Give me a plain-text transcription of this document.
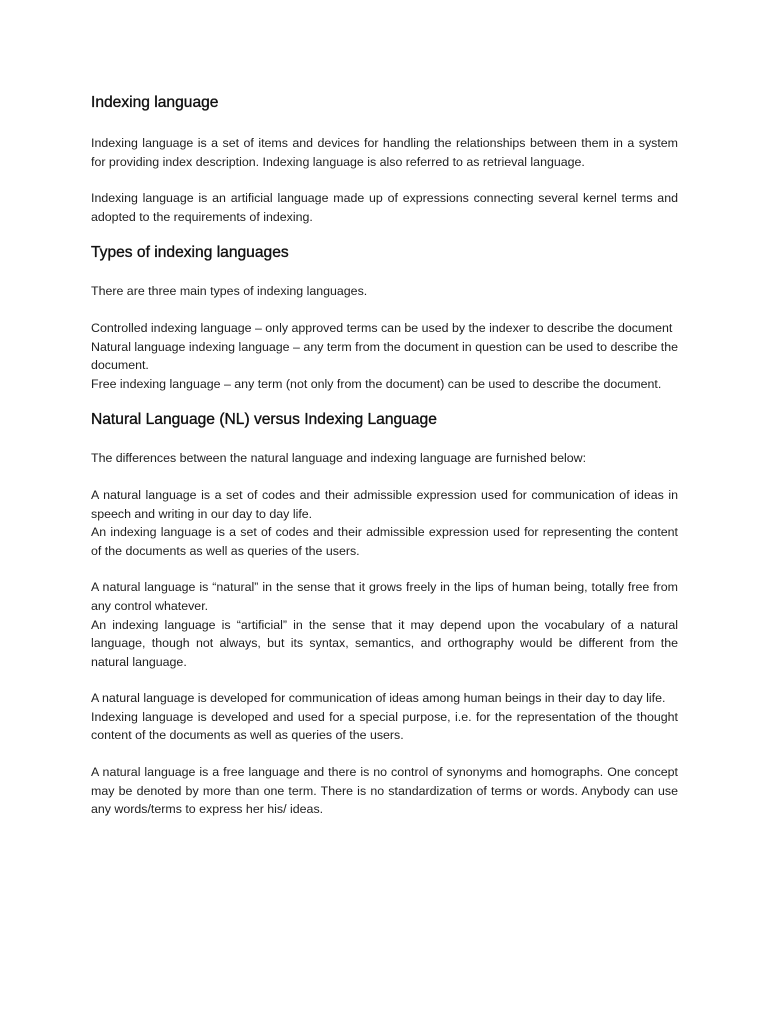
Indexing language

Indexing language is a set of items and devices for handling the relationships between them in a system for providing index description. Indexing language is also referred to as retrieval language.

Indexing language is an artificial language made up of expressions connecting several kernel terms and adopted to the requirements of indexing.

Types of indexing languages

There are three main types of indexing languages.

Controlled indexing language – only approved terms can be used by the indexer to describe the document

Natural language indexing language – any term from the document in question can be used to describe the document.

Free indexing language – any term (not only from the document) can be used to describe the document.

Natural Language (NL) versus Indexing Language

The differences between the natural language and indexing language are furnished below:

A natural language is a set of codes and their admissible expression used for communication of ideas in speech and writing in our day to day life.

An indexing language is a set of codes and their admissible expression used for representing the content of the documents as well as queries of the users.

A natural language is “natural” in the sense that it grows freely in the lips of human being, totally free from any control whatever.

An indexing language is “artificial” in the sense that it may depend upon the vocabulary of a natural language, though not always, but its syntax, semantics, and orthography would be different from the natural language.

A natural language is developed for communication of ideas among human beings in their day to day life.

Indexing language is developed and used for a special purpose, i.e. for the representation of the thought content of the documents as well as queries of the users.

A natural language is a free language and there is no control of synonyms and homographs. One concept may be denoted by more than one term. There is no standardization of terms or words. Anybody can use any words/terms to express her his/ ideas.
